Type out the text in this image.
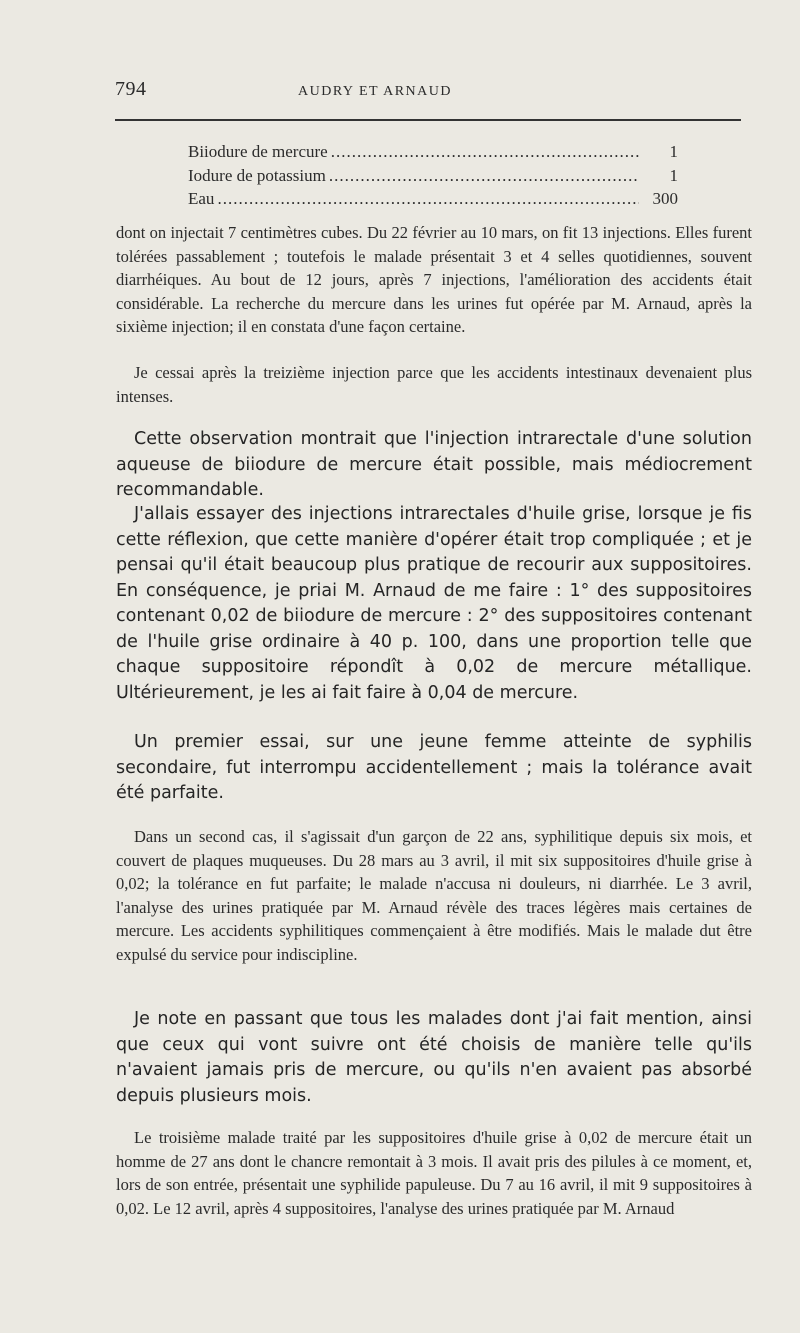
794	AUDRY ET ARNAUD
Biiodure de mercure .....	1
Iodure de potassium .....	1
Eau .....	300

dont on injectait 7 centimètres cubes. Du 22 février au 10 mars, on fit 13 injections. Elles furent tolérées passablement ; toutefois le malade présentait 3 et 4 selles quotidiennes, souvent diarrhéiques. Au bout de 12 jours, après 7 injections, l'amélioration des accidents était considérable. La recherche du mercure dans les urines fut opérée par M. Arnaud, après la sixième injection; il en constata d'une façon certaine.

Je cessai après la treizième injection parce que les accidents intestinaux devenaient plus intenses.

Cette observation montrait que l'injection intrarectale d'une solution aqueuse de biiodure de mercure était possible, mais médiocrement recommandable.

J'allais essayer des injections intrarectales d'huile grise, lorsque je fis cette réflexion, que cette manière d'opérer était trop compliquée ; et je pensai qu'il était beaucoup plus pratique de recourir aux suppositoires. En conséquence, je priai M. Arnaud de me faire : 1° des suppositoires contenant 0,02 de biiodure de mercure : 2° des suppositoires contenant de l'huile grise ordinaire à 40 p. 100, dans une proportion telle que chaque suppositoire répondît à 0,02 de mercure métallique. Ultérieurement, je les ai fait faire à 0,04 de mercure.

Un premier essai, sur une jeune femme atteinte de syphilis secondaire, fut interrompu accidentellement ; mais la tolérance avait été parfaite.

Dans un second cas, il s'agissait d'un garçon de 22 ans, syphilitique depuis six mois, et couvert de plaques muqueuses. Du 28 mars au 3 avril, il mit six suppositoires d'huile grise à 0,02; la tolérance en fut parfaite; le malade n'accusa ni douleurs, ni diarrhée. Le 3 avril, l'analyse des urines pratiquée par M. Arnaud révèle des traces légères mais certaines de mercure. Les accidents syphilitiques commençaient à être modifiés. Mais le malade dut être expulsé du service pour indiscipline.

Je note en passant que tous les malades dont j'ai fait mention, ainsi que ceux qui vont suivre ont été choisis de manière telle qu'ils n'avaient jamais pris de mercure, ou qu'ils n'en avaient pas absorbé depuis plusieurs mois.

Le troisième malade traité par les suppositoires d'huile grise à 0,02 de mercure était un homme de 27 ans dont le chancre remontait à 3 mois. Il avait pris des pilules à ce moment, et, lors de son entrée, présentait une syphilide papuleuse. Du 7 au 16 avril, il mit 9 suppositoires à 0,02. Le 12 avril, après 4 suppositoires, l'analyse des urines pratiquée par M. Arnaud
